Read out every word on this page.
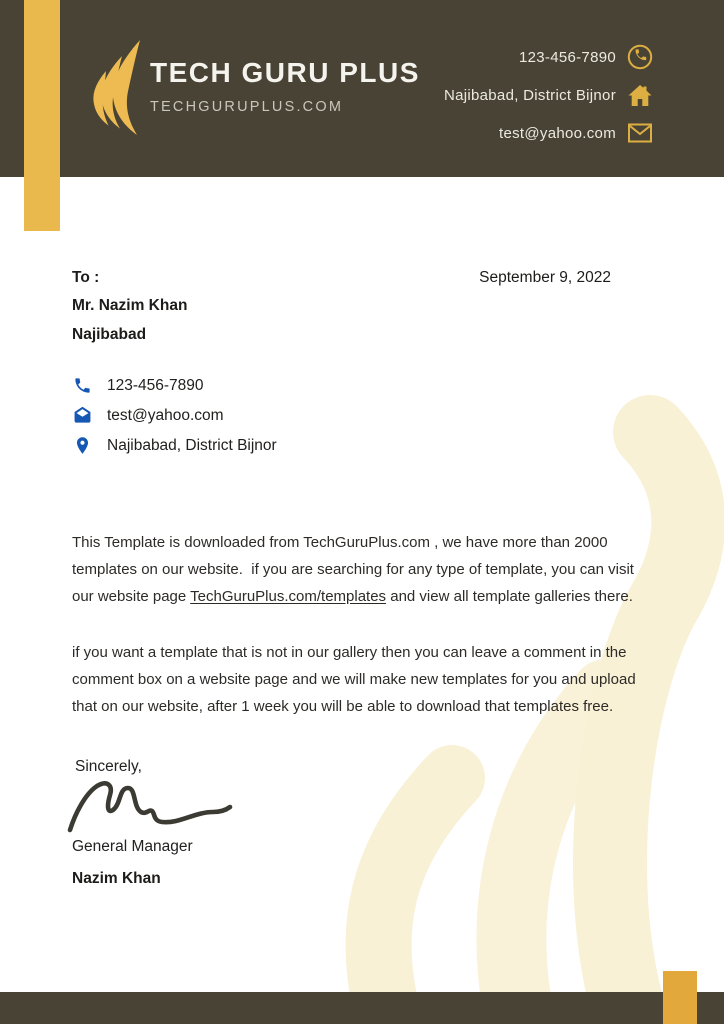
TECH GURU PLUS
TECHGURUPLUS.COM
123-456-7890
Najibabad, District Bijnor
test@yahoo.com
To :
Mr. Nazim Khan
Najibabad
September 9, 2022
123-456-7890
test@yahoo.com
Najibabad, District Bijnor
This Template is downloaded from TechGuruPlus.com , we have more than 2000
templates on our website.  if you are searching for any type of template, you can visit
our website page TechGuruPlus.com/templates and view all template galleries there.
if you want a template that is not in our gallery then you can leave a comment in the
comment box on a website page and we will make new templates for you and upload
that on our website, after 1 week you will be able to download that templates free.
Sincerely,
General Manager
Nazim Khan
